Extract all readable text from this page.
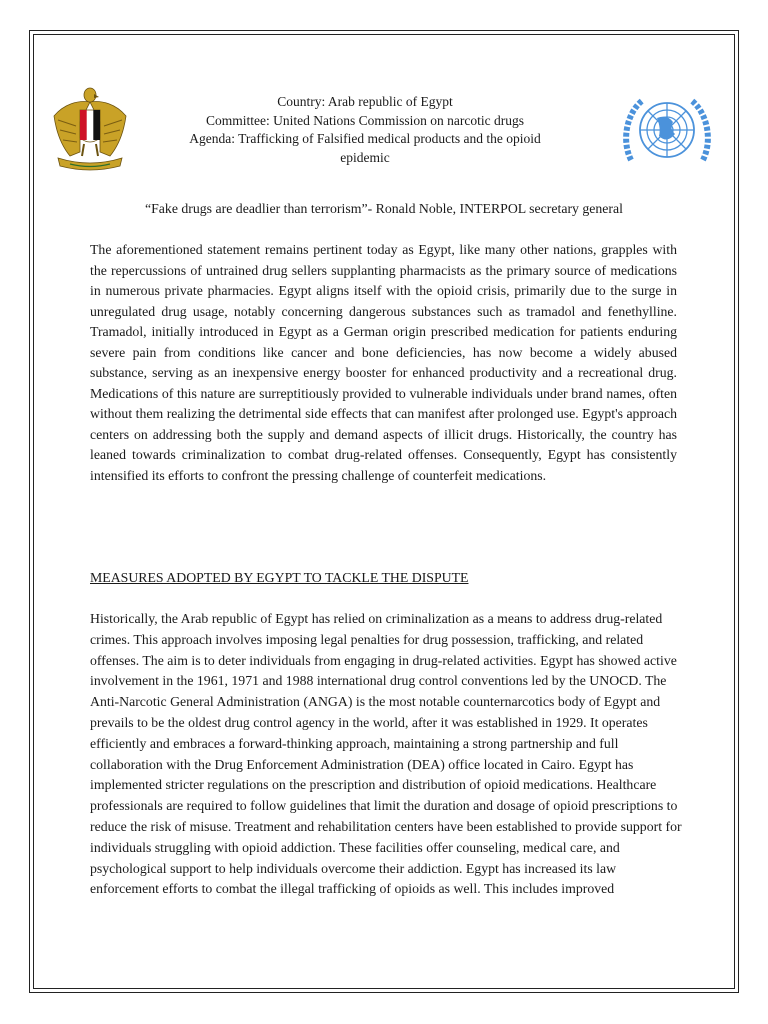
Country: Arab republic of Egypt
Committee: United Nations Commission on narcotic drugs
Agenda: Trafficking of Falsified medical products and the opioid
epidemic
“Fake drugs are deadlier than terrorism”- Ronald Noble, INTERPOL secretary general

The aforementioned statement remains pertinent today as Egypt, like many other nations, grapples with the repercussions of untrained drug sellers supplanting pharmacists as the primary source of medications in numerous private pharmacies. Egypt aligns itself with the opioid crisis, primarily due to the surge in unregulated drug usage, notably concerning dangerous substances such as tramadol and fenethylline. Tramadol, initially introduced in Egypt as a German origin prescribed medication for patients enduring severe pain from conditions like cancer and bone deficiencies, has now become a widely abused substance, serving as an inexpensive energy booster for enhanced productivity and a recreational drug. Medications of this nature are surreptitiously provided to vulnerable individuals under brand names, often without them realizing the detrimental side effects that can manifest after prolonged use. Egypt's approach centers on addressing both the supply and demand aspects of illicit drugs. Historically, the country has leaned towards criminalization to combat drug-related offenses. Consequently, Egypt has consistently intensified its efforts to confront the pressing challenge of counterfeit medications.

MEASURES ADOPTED BY EGYPT TO TACKLE THE DISPUTE

Historically, the Arab republic of Egypt has relied on criminalization as a means to address drug-related crimes. This approach involves imposing legal penalties for drug possession, trafficking, and related offenses. The aim is to deter individuals from engaging in drug-related activities. Egypt has showed active involvement in the 1961, 1971 and 1988 international drug control conventions led by the UNOCD. The Anti-Narcotic General Administration (ANGA) is the most notable counternarcotics body of Egypt and prevails to be the oldest drug control agency in the world, after it was established in 1929. It operates efficiently and embraces a forward-thinking approach, maintaining a strong partnership and full collaboration with the Drug Enforcement Administration (DEA) office located in Cairo. Egypt has implemented stricter regulations on the prescription and distribution of opioid medications. Healthcare professionals are required to follow guidelines that limit the duration and dosage of opioid prescriptions to reduce the risk of misuse. Treatment and rehabilitation centers have been established to provide support for individuals struggling with opioid addiction. These facilities offer counseling, medical care, and psychological support to help individuals overcome their addiction. Egypt has increased its law enforcement efforts to combat the illegal trafficking of opioids as well. This includes improved
